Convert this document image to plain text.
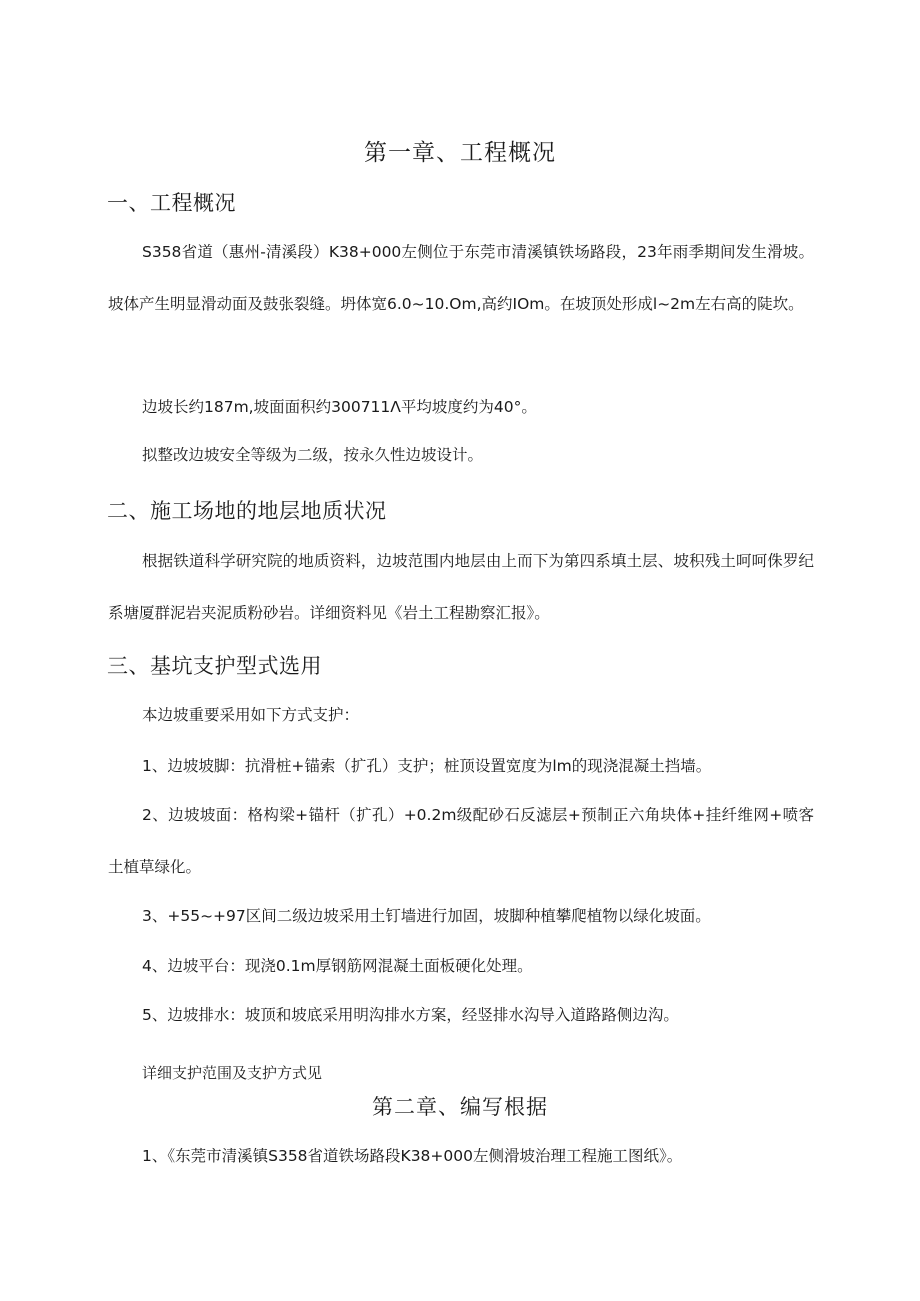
第一章、工程概况
一、工程概况

S358省道（惠州-清溪段）K38+000左侧位于东莞市清溪镇铁场路段，23年雨季期间发生滑坡。坡体产生明显滑动面及鼓张裂缝。坍体宽6.0~10.Om,高约IOm。在坡顶处形成l~2m左右高的陡坎。

边坡长约187m,坡面面积约300711Λ平均坡度约为40°。

拟整改边坡安全等级为二级，按永久性边坡设计。

二、施工场地的地层地质状况

根据铁道科学研究院的地质资料，边坡范围内地层由上而下为第四系填土层、坡积残土呵呵侏罗纪系塘厦群泥岩夹泥质粉砂岩。详细资料见《岩土工程勘察汇报》。

三、基坑支护型式选用

本边坡重要采用如下方式支护：

1、边坡坡脚：抗滑桩+锚索（扩孔）支护；桩顶设置宽度为lm的现浇混凝土挡墙。

2、边坡坡面：格构梁+锚杆（扩孔）+0.2m级配砂石反滤层+预制正六角块体+挂纤维网+喷客土植草绿化。

3、+55~+97区间二级边坡采用土钉墙进行加固，坡脚种植攀爬植物以绿化坡面。

4、边坡平台：现浇0.1m厚钢筋网混凝土面板硬化处理。

5、边坡排水：坡顶和坡底采用明沟排水方案，经竖排水沟导入道路路侧边沟。

详细支护范围及支护方式见

第二章、编写根据

1、《东莞市清溪镇S358省道铁场路段K38+000左侧滑坡治理工程施工图纸》。
